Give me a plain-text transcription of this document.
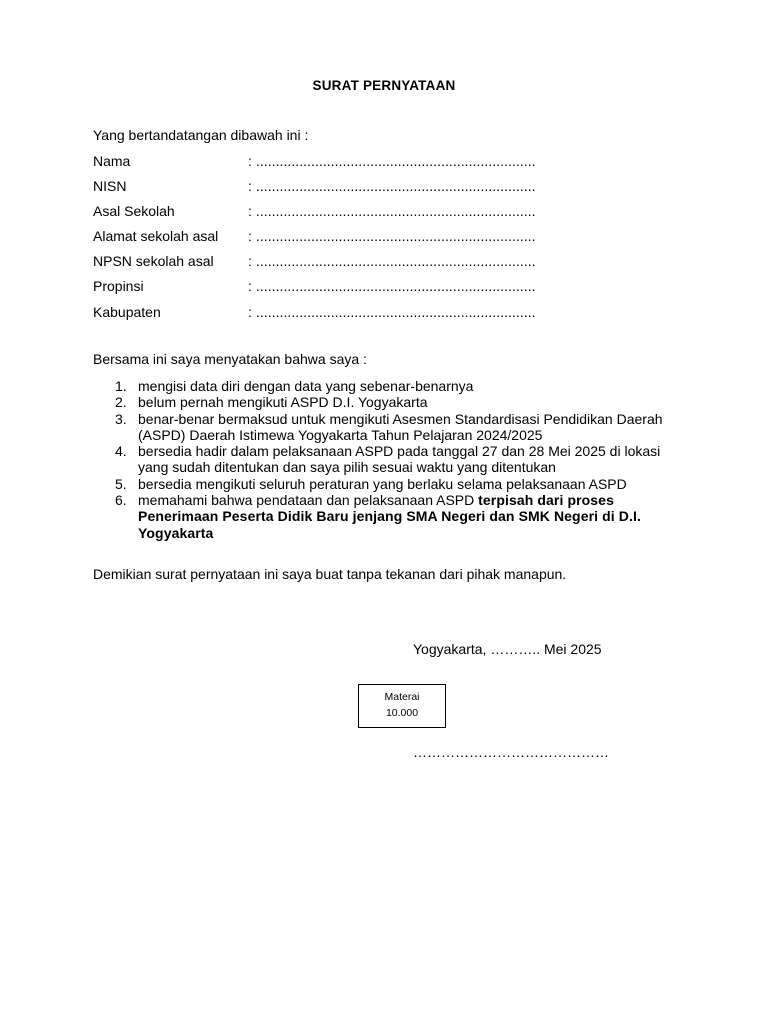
SURAT PERNYATAAN
Yang bertandatangan dibawah ini :
Nama	: .......................................................................
NISN	: .......................................................................
Asal Sekolah	: .......................................................................
Alamat sekolah asal : .......................................................................
NPSN sekolah asal : .......................................................................
Propinsi	: .......................................................................
Kabupaten	: .......................................................................
Bersama ini saya menyatakan bahwa saya :
1. mengisi data diri dengan data yang sebenar-benarnya
2. belum pernah mengikuti ASPD D.I. Yogyakarta
3. benar-benar bermaksud untuk mengikuti Asesmen Standardisasi Pendidikan Daerah (ASPD) Daerah Istimewa Yogyakarta Tahun Pelajaran 2024/2025
4. bersedia hadir dalam pelaksanaan ASPD pada tanggal 27 dan 28 Mei 2025 di lokasi yang sudah ditentukan dan saya pilih sesuai waktu yang ditentukan
5. bersedia mengikuti seluruh peraturan yang berlaku selama pelaksanaan ASPD
6. memahami bahwa pendataan dan pelaksanaan ASPD terpisah dari proses Penerimaan Peserta Didik Baru jenjang SMA Negeri dan SMK Negeri di D.I. Yogyakarta
Demikian surat pernyataan ini saya buat tanpa tekanan dari pihak manapun.
Yogyakarta, ……….. Mei 2025
Materai
10.000
……………………………………
